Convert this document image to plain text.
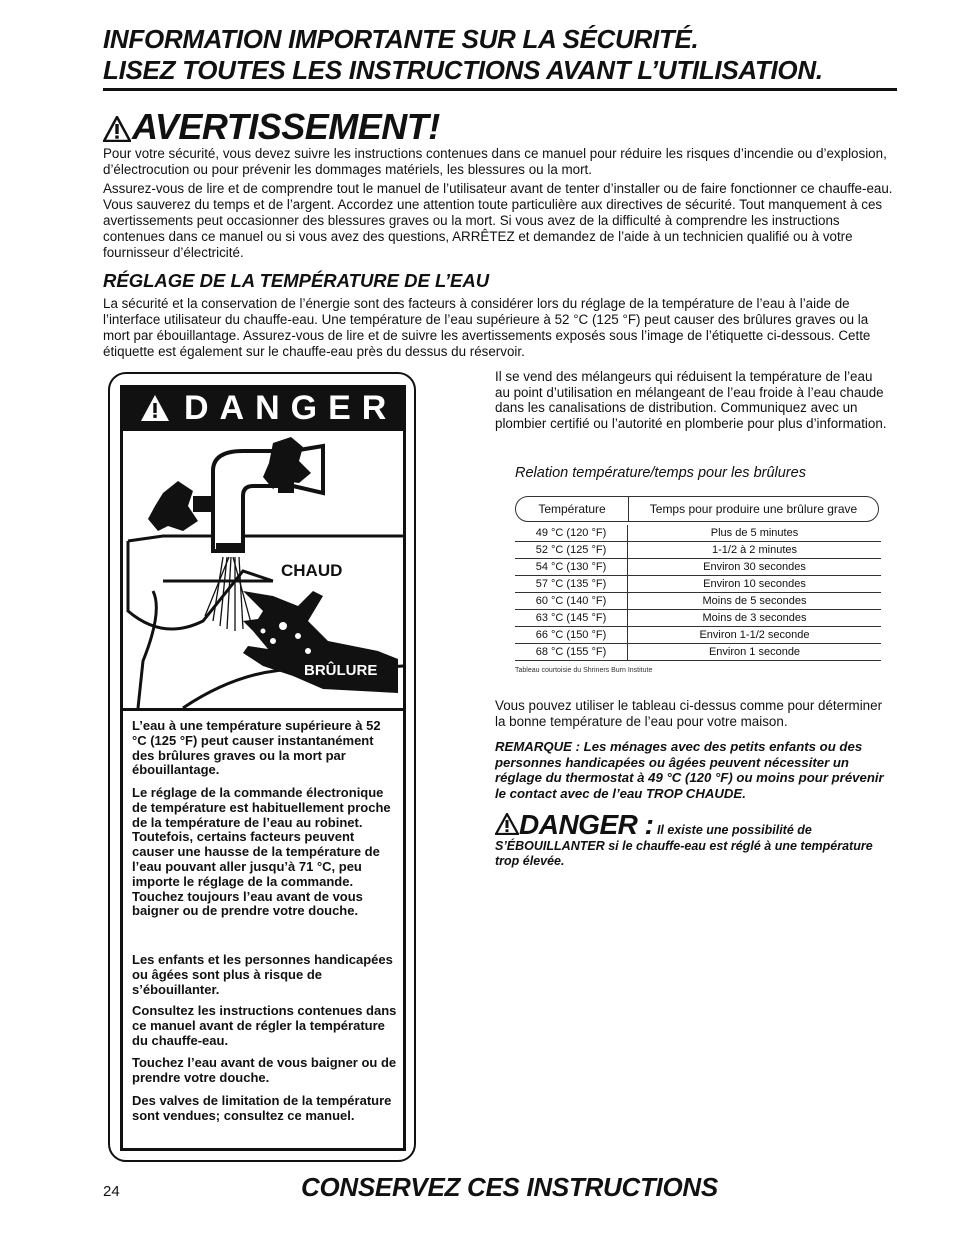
INFORMATION IMPORTANTE SUR LA SÉCURITÉ.
LISEZ TOUTES LES INSTRUCTIONS AVANT L’UTILISATION.
AVERTISSEMENT!
Pour votre sécurité, vous devez suivre les instructions contenues dans ce manuel pour réduire les risques d’incendie ou d’explosion, d’électrocution ou pour prévenir les dommages matériels, les blessures ou la mort.
Assurez-vous de lire et de comprendre tout le manuel de l’utilisateur avant de tenter d’installer ou de faire fonctionner ce chauffe-eau. Vous sauverez du temps et de l’argent. Accordez une attention toute particulière aux directives de sécurité. Tout manquement à ces avertissements peut occasionner des blessures graves ou la mort. Si vous avez de la difficulté à comprendre les instructions contenues dans ce manuel ou si vous avez des questions, ARRÊTEZ et demandez de l’aide à un technicien qualifié ou à votre fournisseur d’électricité.
RÉGLAGE DE LA TEMPÉRATURE DE L’EAU
La sécurité et la conservation de l’énergie sont des facteurs à considérer lors du réglage de la température de l’eau à l’aide de l’interface utilisateur du chauffe-eau. Une température de l’eau supérieure à 52 °C (125 °F) peut causer des brûlures graves ou la mort par ébouillantage. Assurez-vous de lire et de suivre les avertissements exposés sous l’image de l’étiquette ci-dessous. Cette étiquette est également sur le chauffe-eau près du dessus du réservoir.
DANGER
CHAUD
BRÛLURE
L’eau à une température supérieure à 52 °C (125 °F) peut causer instantanément des brûlures graves ou la mort par ébouillantage.
Le réglage de la commande électronique de température est habituellement proche de la température de l’eau au robinet. Toutefois, certains facteurs peuvent causer une hausse de la température de l’eau pouvant aller jusqu’à 71 °C, peu importe le réglage de la commande. Touchez toujours l’eau avant de vous baigner ou de prendre votre douche.
Les enfants et les personnes handicapées ou âgées sont plus à risque de s’ébouillanter.
Consultez les instructions contenues dans ce manuel avant de régler la température du chauffe-eau.
Touchez l’eau avant de vous baigner ou de prendre votre douche.
Des valves de limitation de la température sont vendues; consultez ce manuel.
Il se vend des mélangeurs qui réduisent la température de l’eau au point d’utilisation en mélangeant de l’eau froide à l’eau chaude dans les canalisations de distribution. Communiquez avec un plombier certifié ou l’autorité en plomberie pour plus d’information.
Relation température/temps pour les brûlures
Température	Temps pour produire une brûlure grave
49 °C (120 °F)	Plus de 5 minutes
52 °C (125 °F)	1-1/2 à 2 minutes
54 °C (130 °F)	Environ 30 secondes
57 °C (135 °F)	Environ 10 secondes
60 °C (140 °F)	Moins de 5 secondes
63 °C (145 °F)	Moins de 3 secondes
66 °C (150 °F)	Environ 1-1/2 seconde
68 °C (155 °F)	Environ 1 seconde
Tableau courtoisie du Shriners Burn Institute
Vous pouvez utiliser le tableau ci-dessus comme pour déterminer la bonne température de l’eau pour votre maison.
REMARQUE : Les ménages avec des petits enfants ou des personnes handicapées ou âgées peuvent nécessiter un réglage du thermostat à 49 °C (120 °F) ou moins pour prévenir le contact avec de l’eau TROP CHAUDE.
DANGER : Il existe une possibilité de S’ÉBOUILLANTER si le chauffe-eau est réglé à une température trop élevée.
24	CONSERVEZ CES INSTRUCTIONS
